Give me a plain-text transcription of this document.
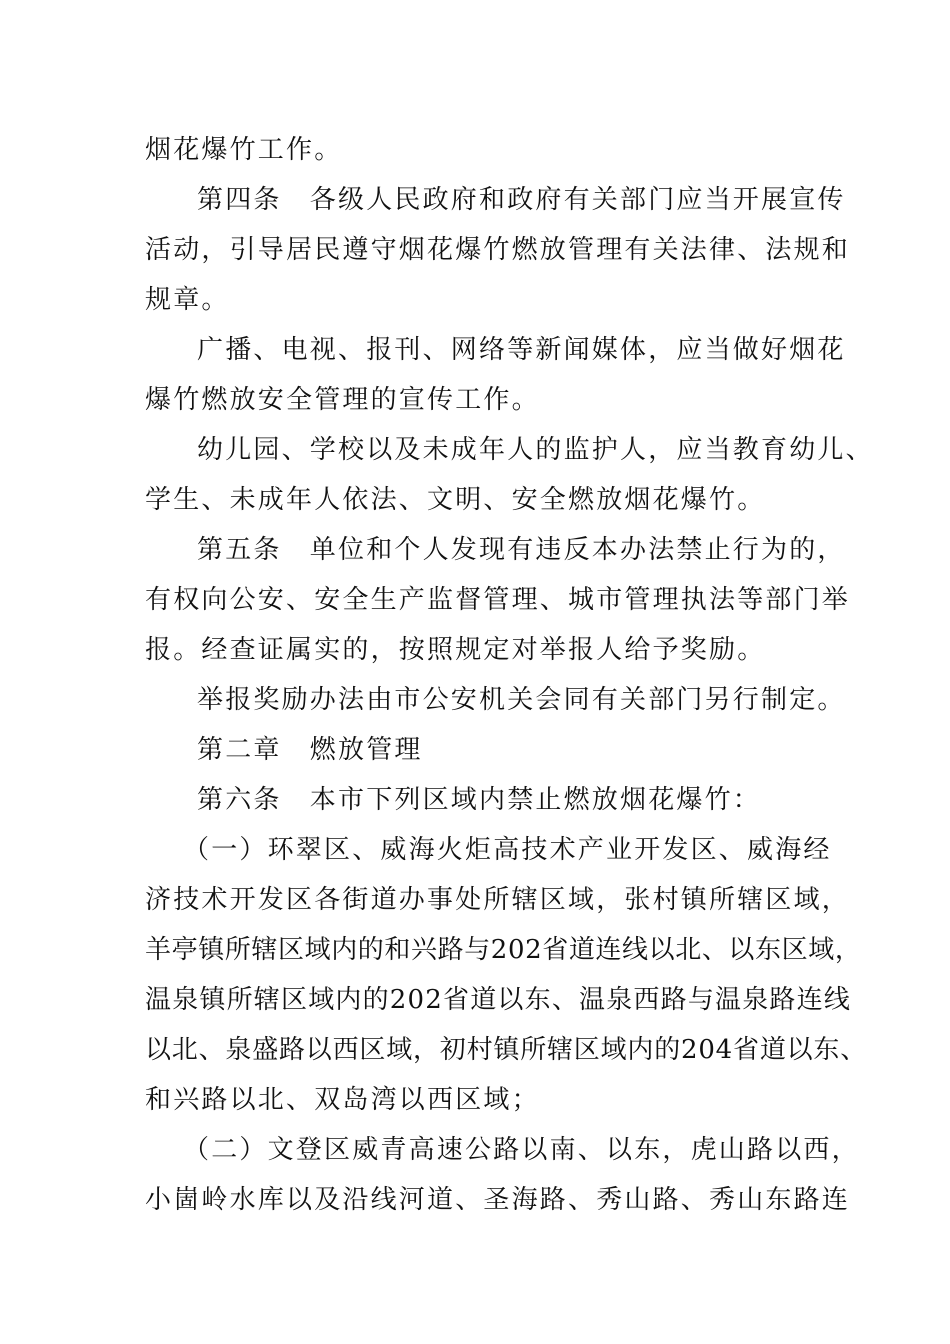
烟花爆竹工作。
第四条　各级人民政府和政府有关部门应当开展宣传
活动，引导居民遵守烟花爆竹燃放管理有关法律、法规和
规章。
广播、电视、报刊、网络等新闻媒体，应当做好烟花
爆竹燃放安全管理的宣传工作。
幼儿园、学校以及未成年人的监护人，应当教育幼儿、
学生、未成年人依法、文明、安全燃放烟花爆竹。
第五条　单位和个人发现有违反本办法禁止行为的，
有权向公安、安全生产监督管理、城市管理执法等部门举
报。经查证属实的，按照规定对举报人给予奖励。
举报奖励办法由市公安机关会同有关部门另行制定。
第二章　燃放管理
第六条　本市下列区域内禁止燃放烟花爆竹：
（一）环翠区、威海火炬高技术产业开发区、威海经
济技术开发区各街道办事处所辖区域，张村镇所辖区域，
羊亭镇所辖区域内的和兴路与202省道连线以北、以东区域，
温泉镇所辖区域内的202省道以东、温泉西路与温泉路连线
以北、泉盛路以西区域，初村镇所辖区域内的204省道以东、
和兴路以北、双岛湾以西区域；
（二）文登区威青高速公路以南、以东，虎山路以西，
小崮岭水库以及沿线河道、圣海路、秀山路、秀山东路连
